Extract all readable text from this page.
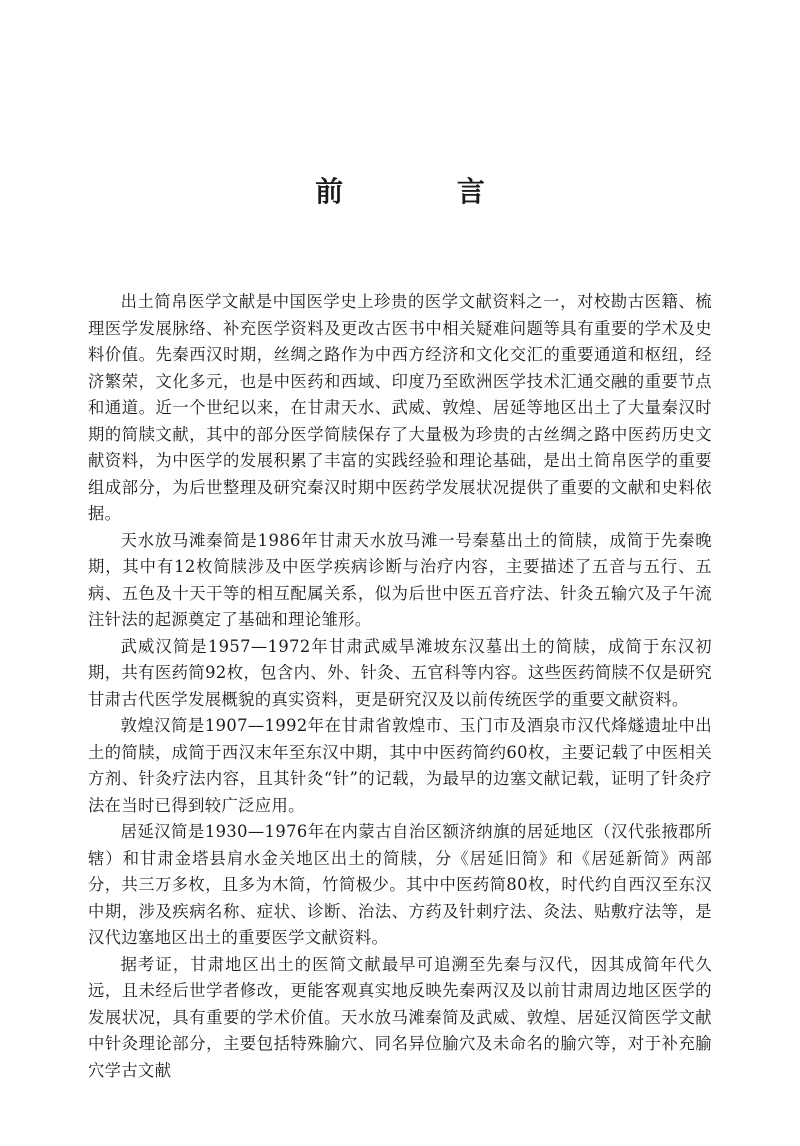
前 言

出土简帛医学文献是中国医学史上珍贵的医学文献资料之一，对校勘古医籍、梳理医学发展脉络、补充医学资料及更改古医书中相关疑难问题等具有重要的学术及史料价值。先秦西汉时期，丝绸之路作为中西方经济和文化交汇的重要通道和枢纽，经济繁荣，文化多元，也是中医药和西域、印度乃至欧洲医学技术汇通交融的重要节点和通道。近一个世纪以来，在甘肃天水、武威、敦煌、居延等地区出土了大量秦汉时期的简牍文献，其中的部分医学简牍保存了大量极为珍贵的古丝绸之路中医药历史文献资料，为中医学的发展积累了丰富的实践经验和理论基础，是出土简帛医学的重要组成部分，为后世整理及研究秦汉时期中医药学发展状况提供了重要的文献和史料依据。

天水放马滩秦简是1986年甘肃天水放马滩一号秦墓出土的简牍，成简于先秦晚期，其中有12枚简牍涉及中医学疾病诊断与治疗内容，主要描述了五音与五行、五病、五色及十天干等的相互配属关系，似为后世中医五音疗法、针灸五输穴及子午流注针法的起源奠定了基础和理论雏形。

武威汉简是1957—1972年甘肃武威旱滩坡东汉墓出土的简牍，成简于东汉初期，共有医药简92枚，包含内、外、针灸、五官科等内容。这些医药简牍不仅是研究甘肃古代医学发展概貌的真实资料，更是研究汉及以前传统医学的重要文献资料。

敦煌汉简是1907—1992年在甘肃省敦煌市、玉门市及酒泉市汉代烽燧遗址中出土的简牍，成简于西汉末年至东汉中期，其中中医药简约60枚，主要记载了中医相关方剂、针灸疗法内容，且其针灸“针”的记载，为最早的边塞文献记载，证明了针灸疗法在当时已得到较广泛应用。

居延汉简是1930—1976年在内蒙古自治区额济纳旗的居延地区（汉代张掖郡所辖）和甘肃金塔县肩水金关地区出土的简牍，分《居延旧简》和《居延新简》两部分，共三万多枚，且多为木简，竹简极少。其中中医药简80枚，时代约自西汉至东汉中期，涉及疾病名称、症状、诊断、治法、方药及针刺疗法、灸法、贴敷疗法等，是汉代边塞地区出土的重要医学文献资料。

据考证，甘肃地区出土的医简文献最早可追溯至先秦与汉代，因其成简年代久远，且未经后世学者修改，更能客观真实地反映先秦两汉及以前甘肃周边地区医学的发展状况，具有重要的学术价值。天水放马滩秦简及武威、敦煌、居延汉简医学文献中针灸理论部分，主要包括特殊腧穴、同名异位腧穴及未命名的腧穴等，对于补充腧穴学古文献
